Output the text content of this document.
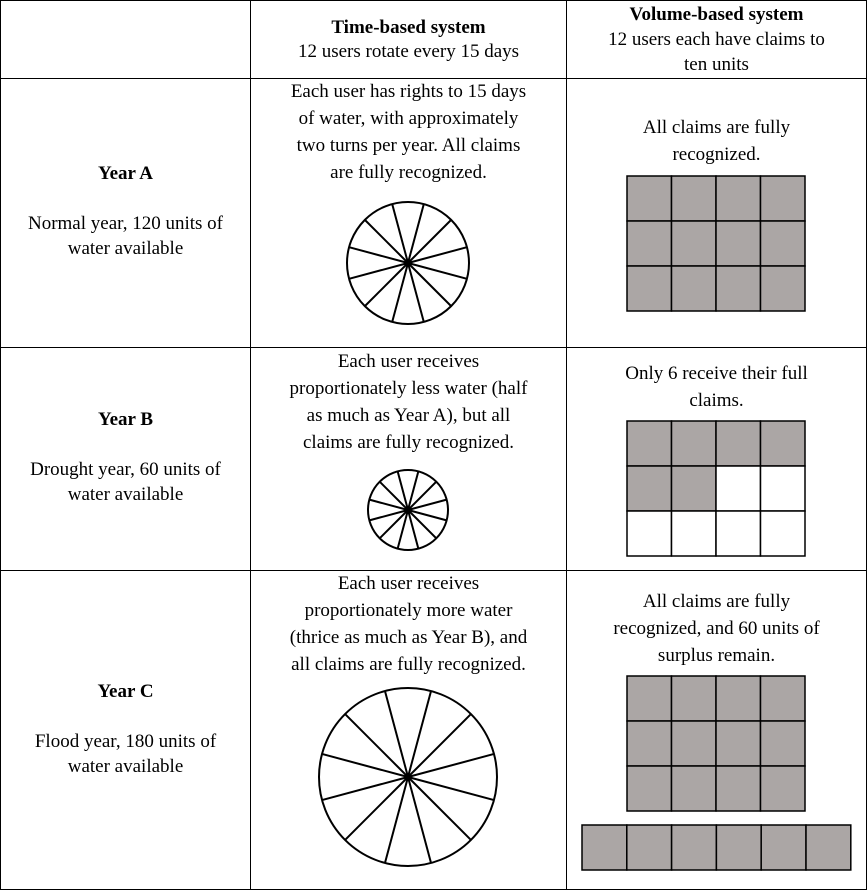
Time-based system
12 users rotate every 15 days
Volume-based system
12 users each have claims to
ten units
Year A
Normal year, 120 units of
water available
Each user has rights to 15 days
of water, with approximately
two turns per year. All claims
are fully recognized.
All claims are fully
recognized.
Year B
Drought year, 60 units of
water available
Each user receives
proportionately less water (half
as much as Year A), but all
claims are fully recognized.
Only 6 receive their full
claims.
Year C
Flood year, 180 units of
water available
Each user receives
proportionately more water
(thrice as much as Year B), and
all claims are fully recognized.
All claims are fully
recognized, and 60 units of
surplus remain.
